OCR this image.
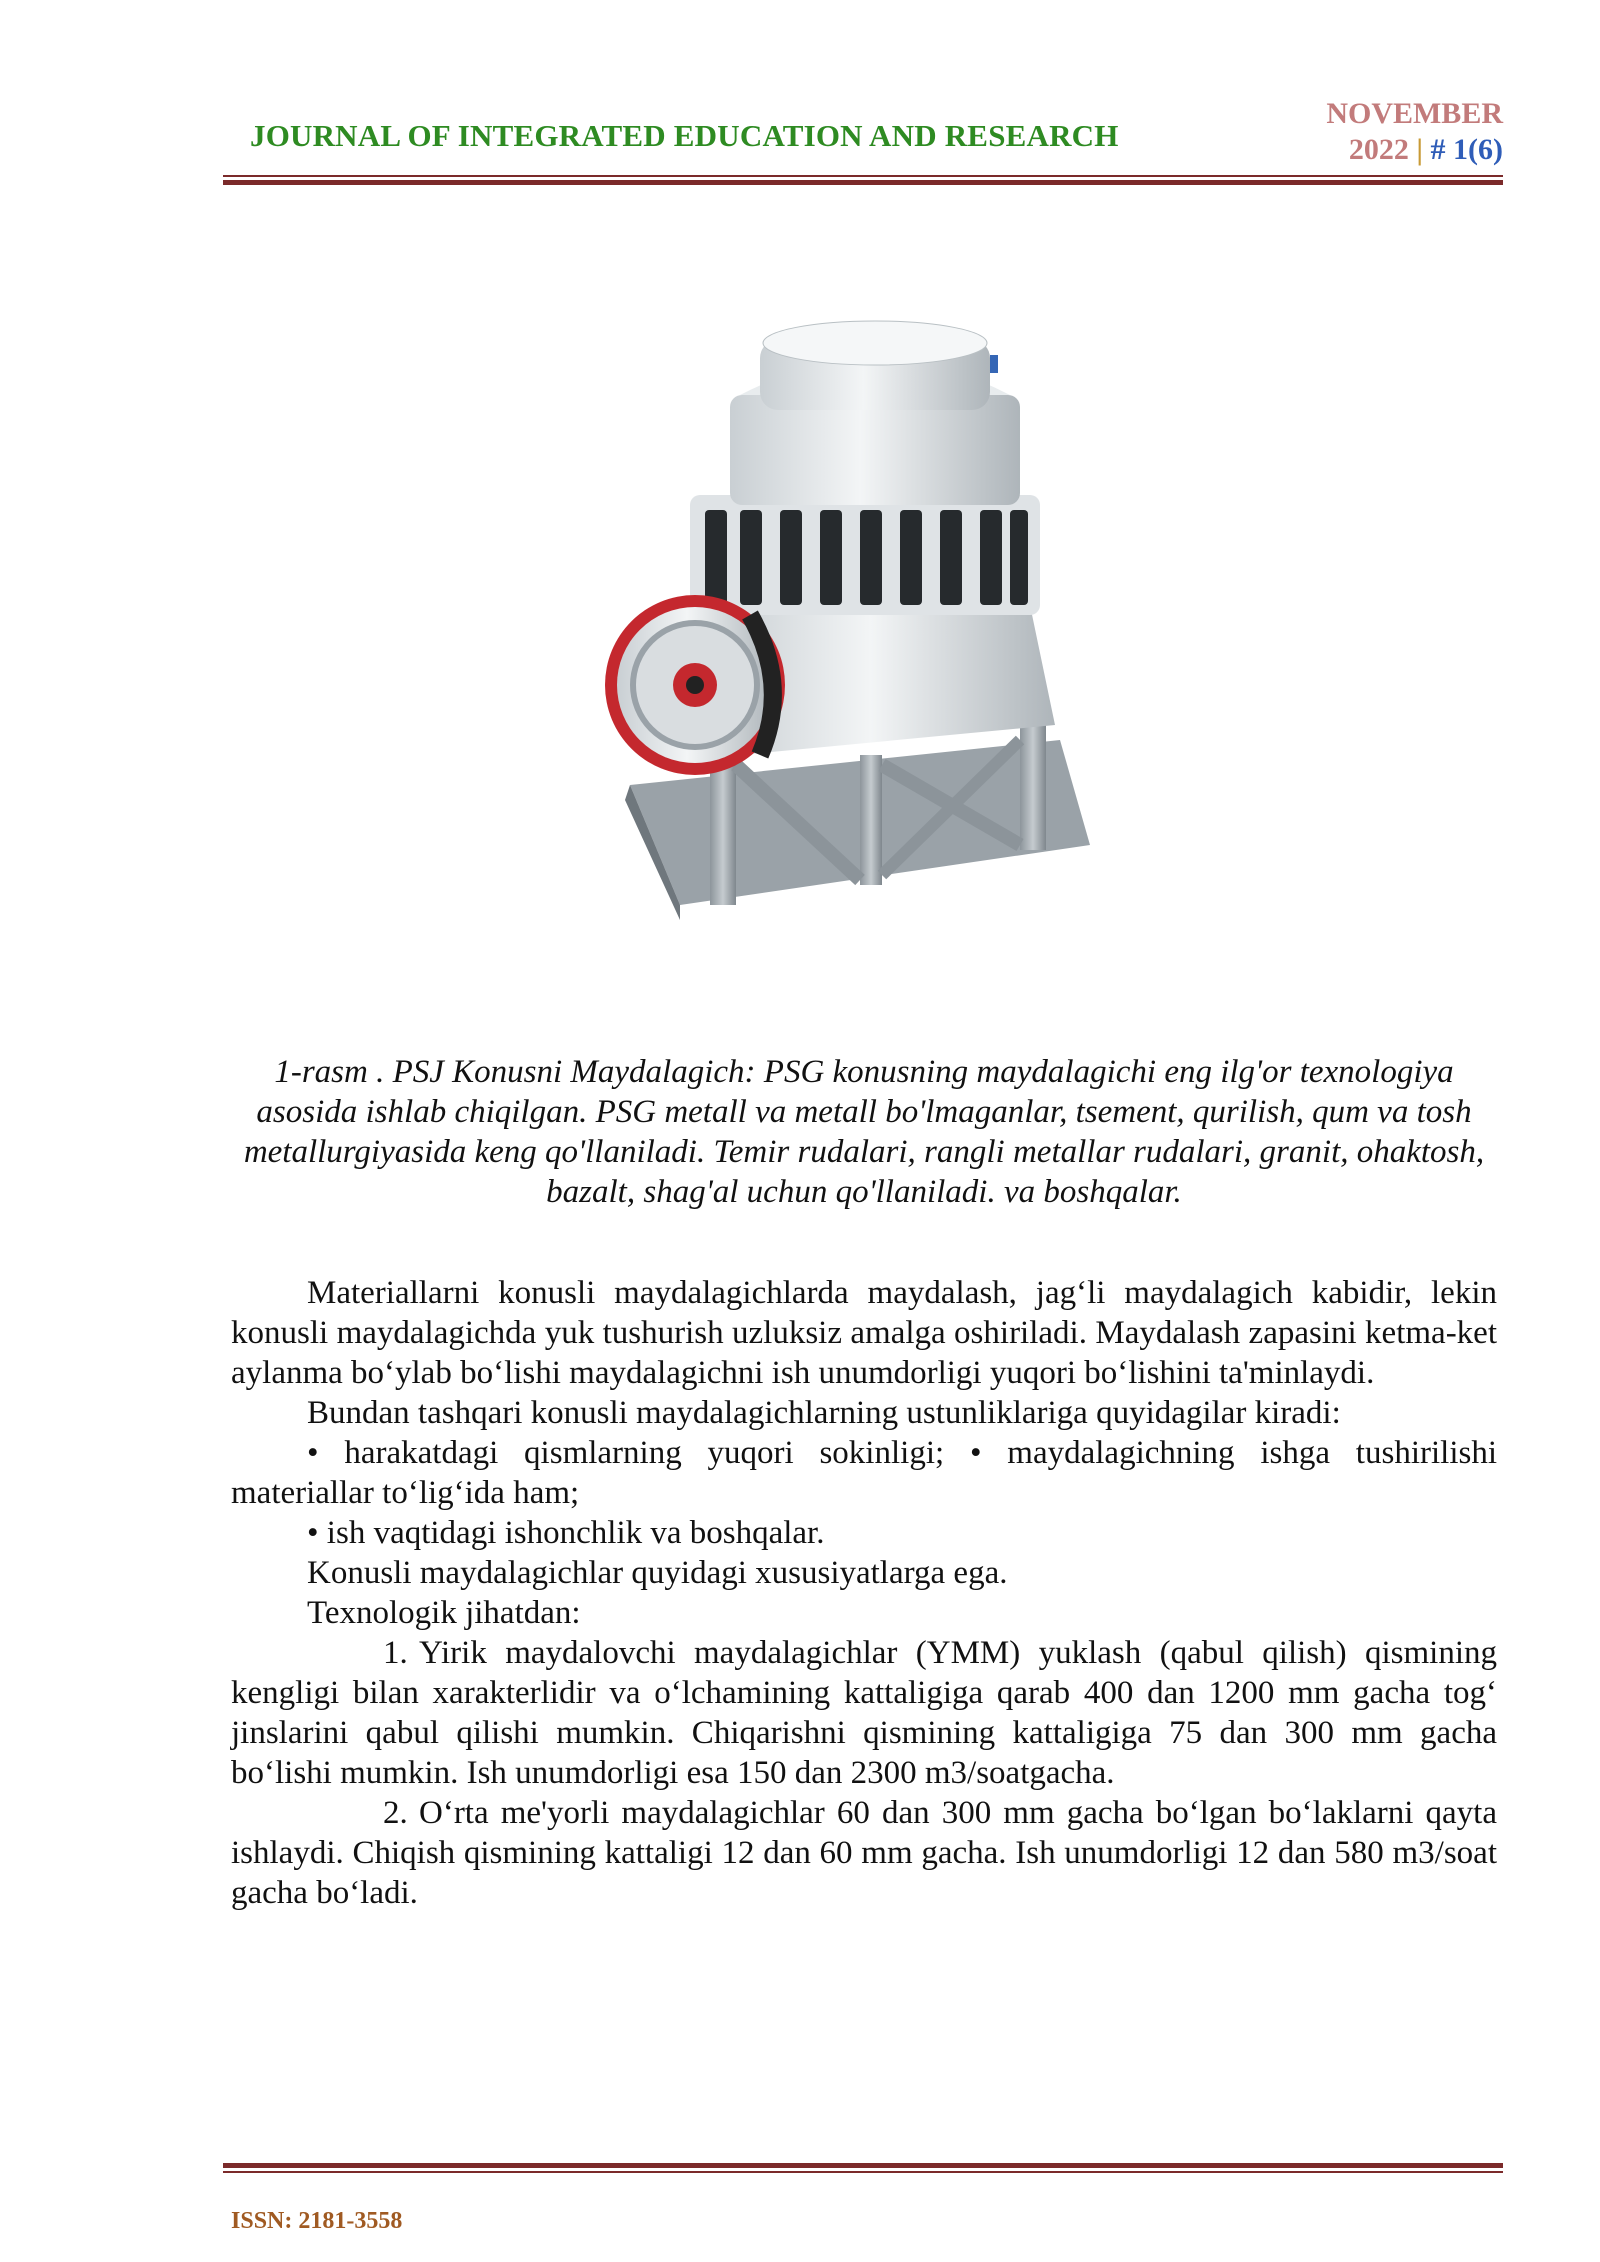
JOURNAL OF INTEGRATED EDUCATION AND RESEARCH
NOVEMBER
2022 | # 1(6)
1-rasm . PSJ Konusni Maydalagich: PSG konusning maydalagichi eng ilg'or texnologiya asosida ishlab chiqilgan. PSG metall va metall bo'lmaganlar, tsement, qurilish, qum va tosh metallurgiyasida keng qo'llaniladi. Temir rudalari, rangli metallar rudalari, granit, ohaktosh, bazalt, shag'al uchun qo'llaniladi. va boshqalar.

Materiallarni konusli maydalagichlarda maydalash, jag‘li maydalagich kabidir, lekin konusli maydalagichda yuk tushurish uzluksiz amalga oshiriladi. Maydalash zapasini ketma-ket aylanma bo‘ylab bo‘lishi maydalagichni ish unumdorligi yuqori bo‘lishini ta'minlaydi.

Bundan tashqari konusli maydalagichlarning ustunliklariga quyidagilar kiradi:

• harakatdagi qismlarning yuqori sokinligi; • maydalagichning ishga tushirilishi materiallar to‘lig‘ida ham;

• ish vaqtidagi ishonchlik va boshqalar.

Konusli maydalagichlar quyidagi xususiyatlarga ega.

Texnologik jihatdan:

1. Yirik maydalovchi maydalagichlar (YMM) yuklash (qabul qilish) qismining kengligi bilan xarakterlidir va o‘lchamining kattaligiga qarab 400 dan 1200 mm gacha tog‘ jinslarini qabul qilishi mumkin. Chiqarishni qismining kattaligiga 75 dan 300 mm gacha bo‘lishi mumkin. Ish unumdorligi esa 150 dan 2300 m3/soatgacha.

2. O‘rta me'yorli maydalagichlar 60 dan 300 mm gacha bo‘lgan bo‘laklarni qayta ishlaydi. Chiqish qismining kattaligi 12 dan 60 mm gacha. Ish unumdorligi 12 dan 580 m3/soat gacha bo‘ladi.

ISSN: 2181-3558
